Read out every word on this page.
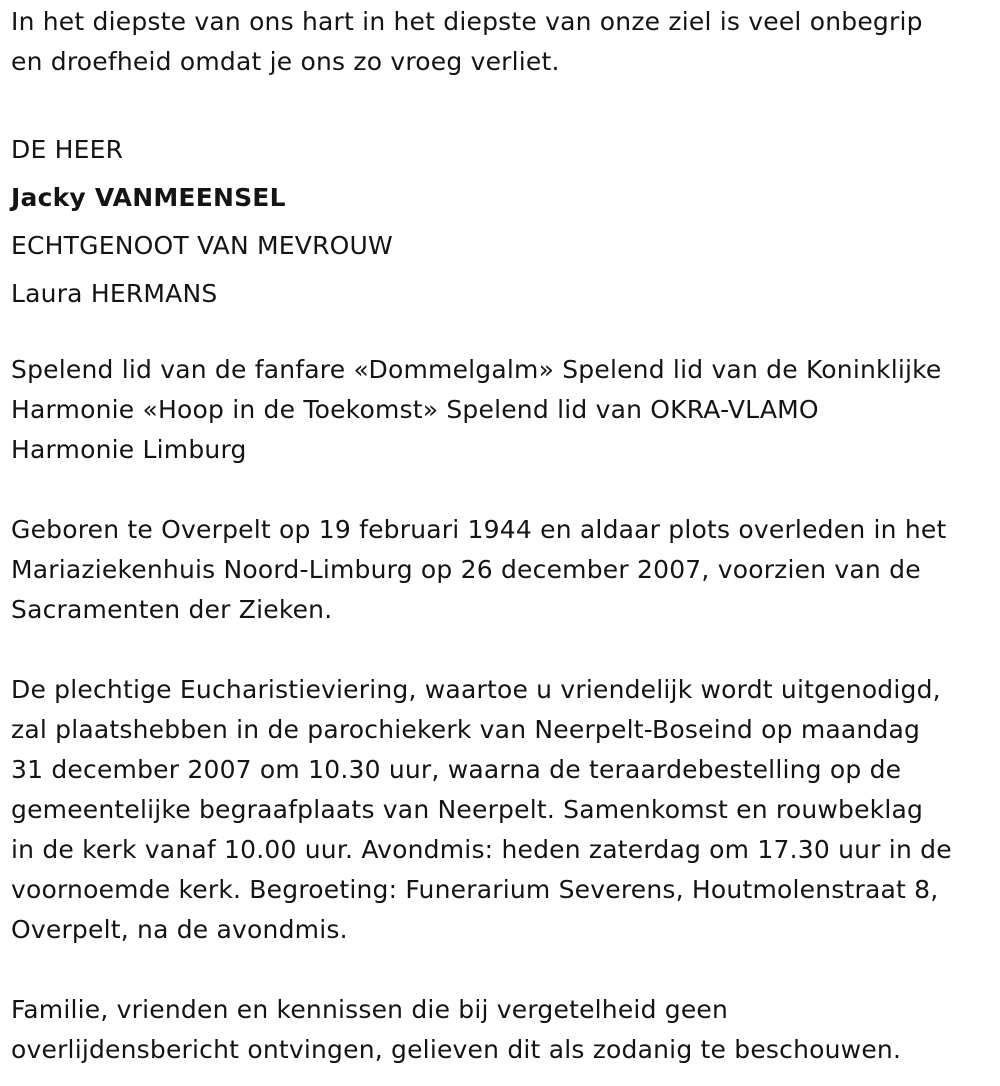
In het diepste van ons hart in het diepste van onze ziel is veel onbegrip
en droefheid omdat je ons zo vroeg verliet.
DE HEER
Jacky VANMEENSEL
ECHTGENOOT VAN MEVROUW
Laura HERMANS
Spelend lid van de fanfare «Dommelgalm» Spelend lid van de Koninklijke
Harmonie «Hoop in de Toekomst» Spelend lid van OKRA-VLAMO
Harmonie Limburg
Geboren te Overpelt op 19 februari 1944 en aldaar plots overleden in het
Mariaziekenhuis Noord-Limburg op 26 december 2007, voorzien van de
Sacramenten der Zieken.
De plechtige Eucharistieviering, waartoe u vriendelijk wordt uitgenodigd,
zal plaatshebben in de parochiekerk van Neerpelt-Boseind op maandag
31 december 2007 om 10.30 uur, waarna de teraardebestelling op de
gemeentelijke begraafplaats van Neerpelt. Samenkomst en rouwbeklag
in de kerk vanaf 10.00 uur. Avondmis: heden zaterdag om 17.30 uur in de
voornoemde kerk. Begroeting: Funerarium Severens, Houtmolenstraat 8,
Overpelt, na de avondmis.
Familie, vrienden en kennissen die bij vergetelheid geen
overlijdensbericht ontvingen, gelieven dit als zodanig te beschouwen.
